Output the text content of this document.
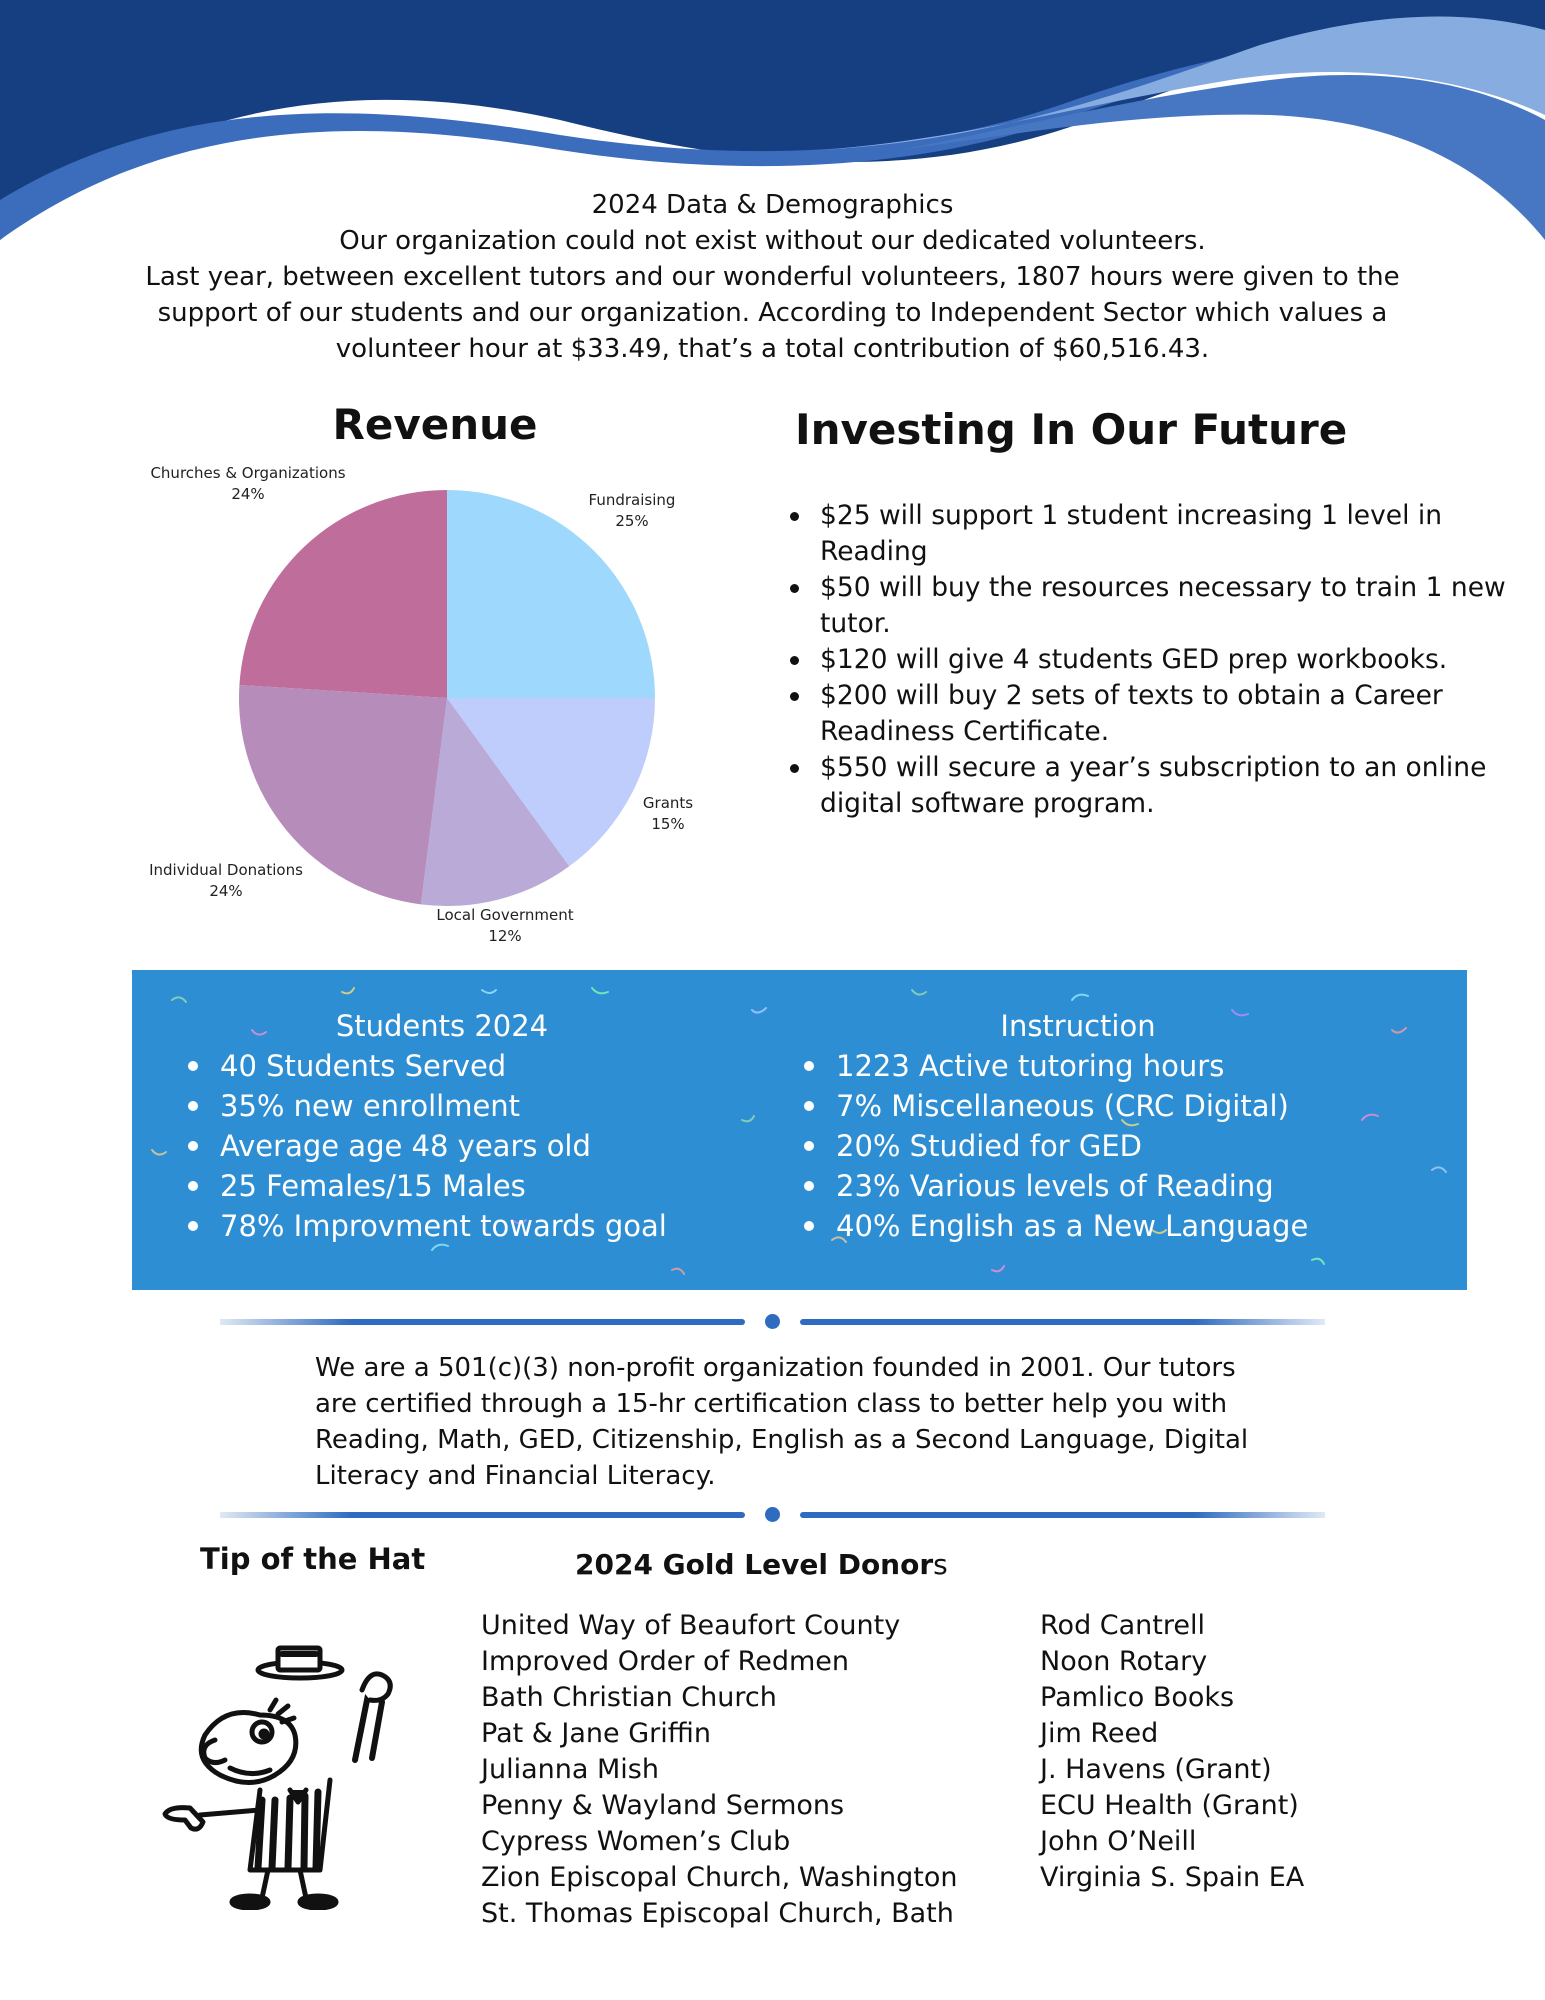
2024 Data & Demographics
Our organization could not exist without our dedicated volunteers.
Last year, between excellent tutors and our wonderful volunteers, 1807 hours were given to the
support of our students and our organization. According to Independent Sector which values a
volunteer hour at $33.49, that’s a total contribution of $60,516.43.
Revenue
Fundraising
25%
Grants
15%
Local Government
12%
Individual Donations
24%
Churches & Organizations
24%
Investing In Our Future
$25 will support 1 student increasing 1 level in
Reading
$50 will buy the resources necessary to train 1 new
tutor.
$120 will give 4 students GED prep workbooks.
$200 will buy 2 sets of texts to obtain a Career
Readiness Certificate.
$550 will secure a year’s subscription to an online
digital software program.
Students 2024
40 Students Served
35% new enrollment
Average age 48 years old
25 Females/15 Males
78% Improvment towards goal
Instruction
1223 Active tutoring hours
7% Miscellaneous (CRC Digital)
20% Studied for GED
23% Various levels of Reading
40% English as a New Language
We are a 501(c)(3) non-profit organization founded in 2001. Our tutors
are certified through a 15-hr certification class to better help you with
Reading, Math, GED, Citizenship, English as a Second Language, Digital
Literacy and Financial Literacy.
Tip of the Hat	2024 Gold Level Donors
United Way of Beaufort County
Improved Order of Redmen
Bath Christian Church
Pat & Jane Griffin
Julianna Mish
Penny & Wayland Sermons
Cypress Women’s Club
Zion Episcopal Church, Washington
St. Thomas Episcopal Church, Bath
Rod Cantrell
Noon Rotary
Pamlico Books
Jim Reed
J. Havens (Grant)
ECU Health (Grant)
John O’Neill
Virginia S. Spain EA
